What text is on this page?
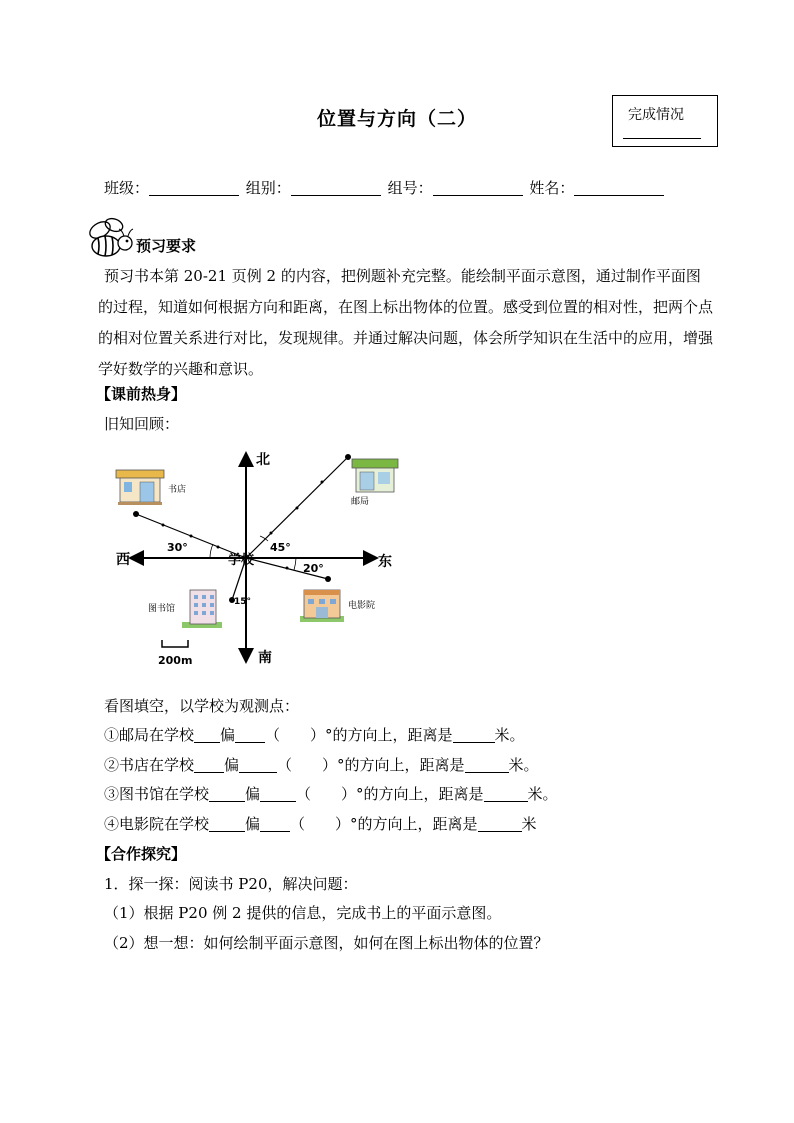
位置与方向（二）	完成情况
班级：	组别：	组号：	姓名：
预习要求

预习书本第 20-21 页例 2 的内容，把例题补充完整。能绘制平面示意图，通过制作平面图

的过程，知道如何根据方向和距离，在图上标出物体的位置。感受到位置的相对性，把两个点

的相对位置关系进行对比，发现规律。并通过解决问题，体会所学知识在生活中的应用，增强

学好数学的兴趣和意识。

【课前热身】
旧知回顾：
北
南
东
西
30°	45°
20°
15°
学校
书店
邮局
图书馆	电影院
200m
看图填空，以学校为观测点：
①邮局在学校 偏 （　　）°的方向上，距离是	米。
②书店在学校 偏	（　　）°的方向上，距离是	米。
③图书馆在学校 偏 （　　）°的方向上，距离是	米。
④电影院在学校 偏 （　　）°的方向上，距离是	米
【合作探究】
1．探一探：阅读书 P20，解决问题：
（1）根据 P20 例 2 提供的信息，完成书上的平面示意图。
（2）想一想：如何绘制平面示意图，如何在图上标出物体的位置？
